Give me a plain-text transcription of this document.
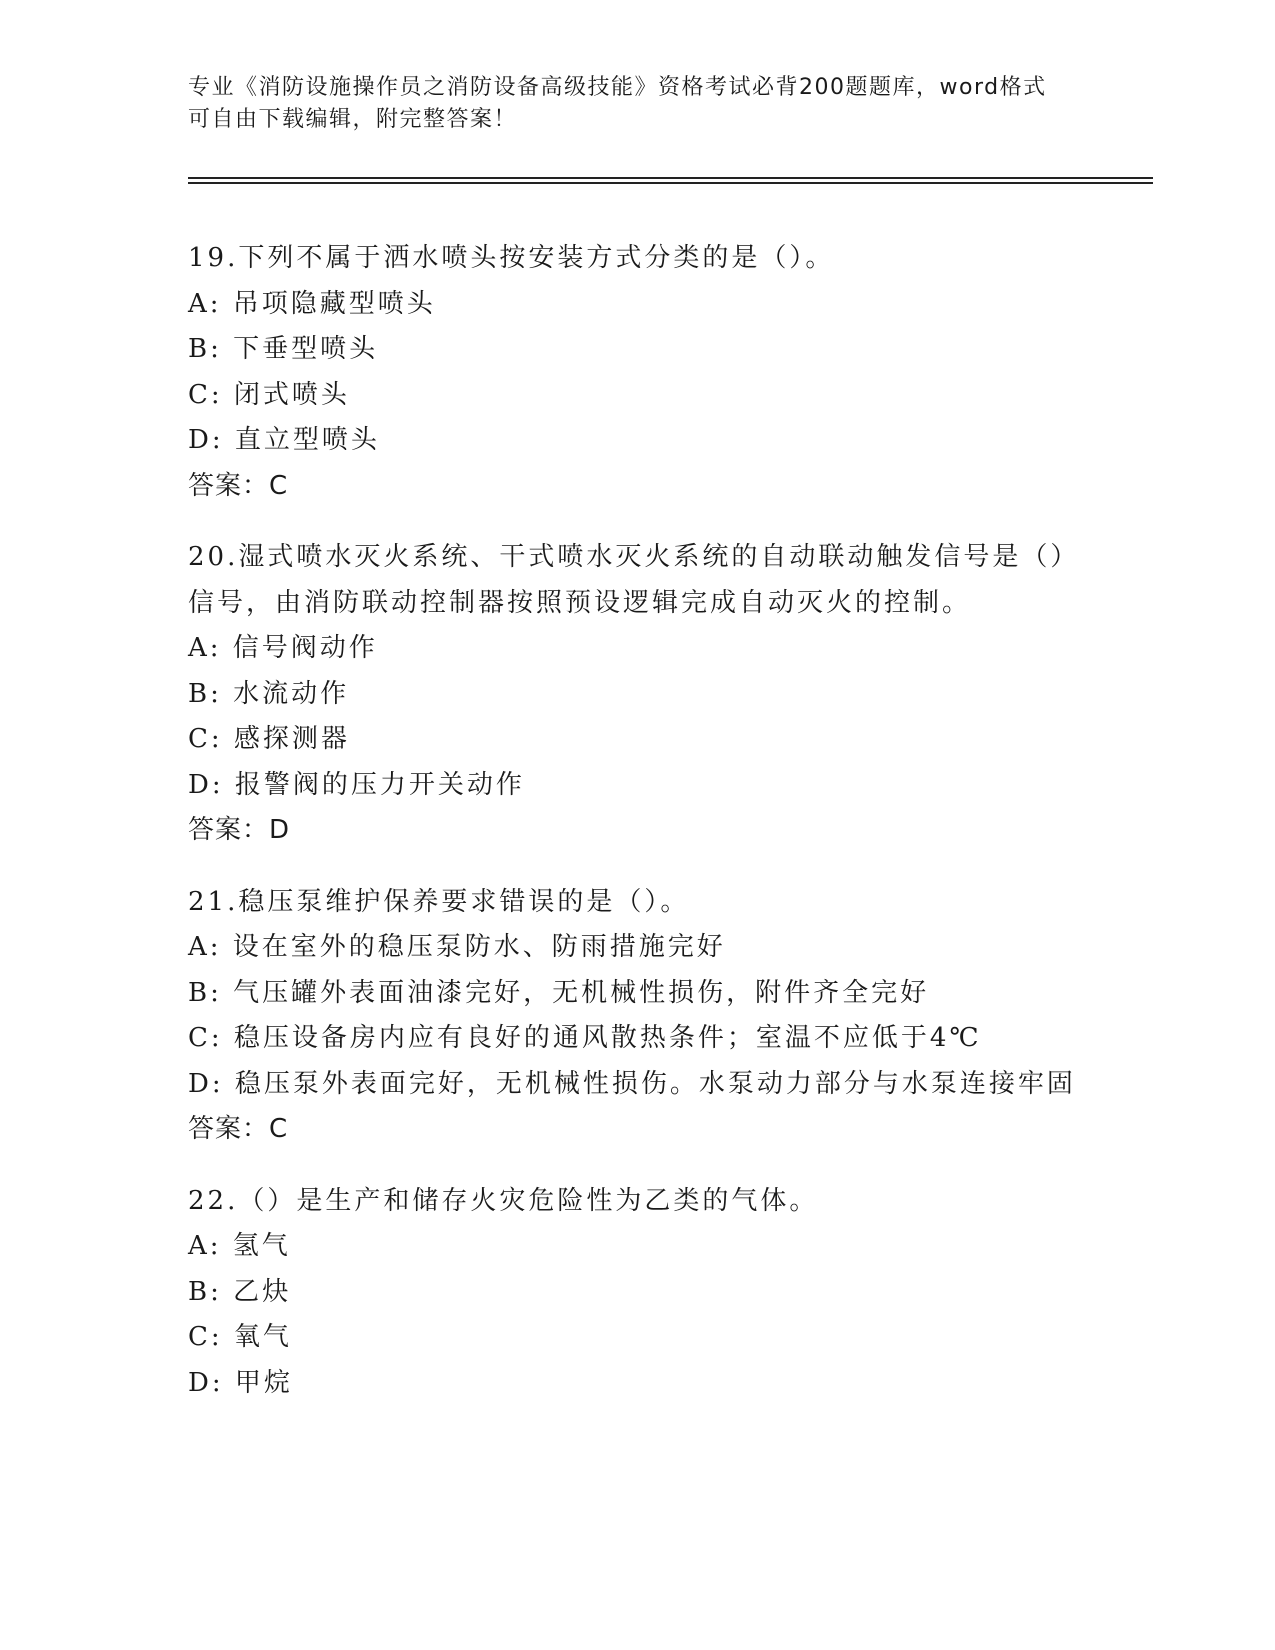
专业《消防设施操作员之消防设备高级技能》资格考试必背200题题库，word格式可自由下载编辑，附完整答案！
19.下列不属于洒水喷头按安装方式分类的是（）。
A: 吊项隐藏型喷头
B: 下垂型喷头
C: 闭式喷头
D: 直立型喷头
答案：C
20.湿式喷水灭火系统、干式喷水灭火系统的自动联动触发信号是（）信号，由消防联动控制器按照预设逻辑完成自动灭火的控制。
A: 信号阀动作
B: 水流动作
C: 感探测器
D: 报警阀的压力开关动作
答案：D
21.稳压泵维护保养要求错误的是（）。
A: 设在室外的稳压泵防水、防雨措施完好
B: 气压罐外表面油漆完好，无机械性损伤，附件齐全完好
C: 稳压设备房内应有良好的通风散热条件；室温不应低于4℃
D: 稳压泵外表面完好，无机械性损伤。水泵动力部分与水泵连接牢固
答案：C
22.（）是生产和储存火灾危险性为乙类的气体。
A: 氢气
B: 乙炔
C: 氧气
D: 甲烷
